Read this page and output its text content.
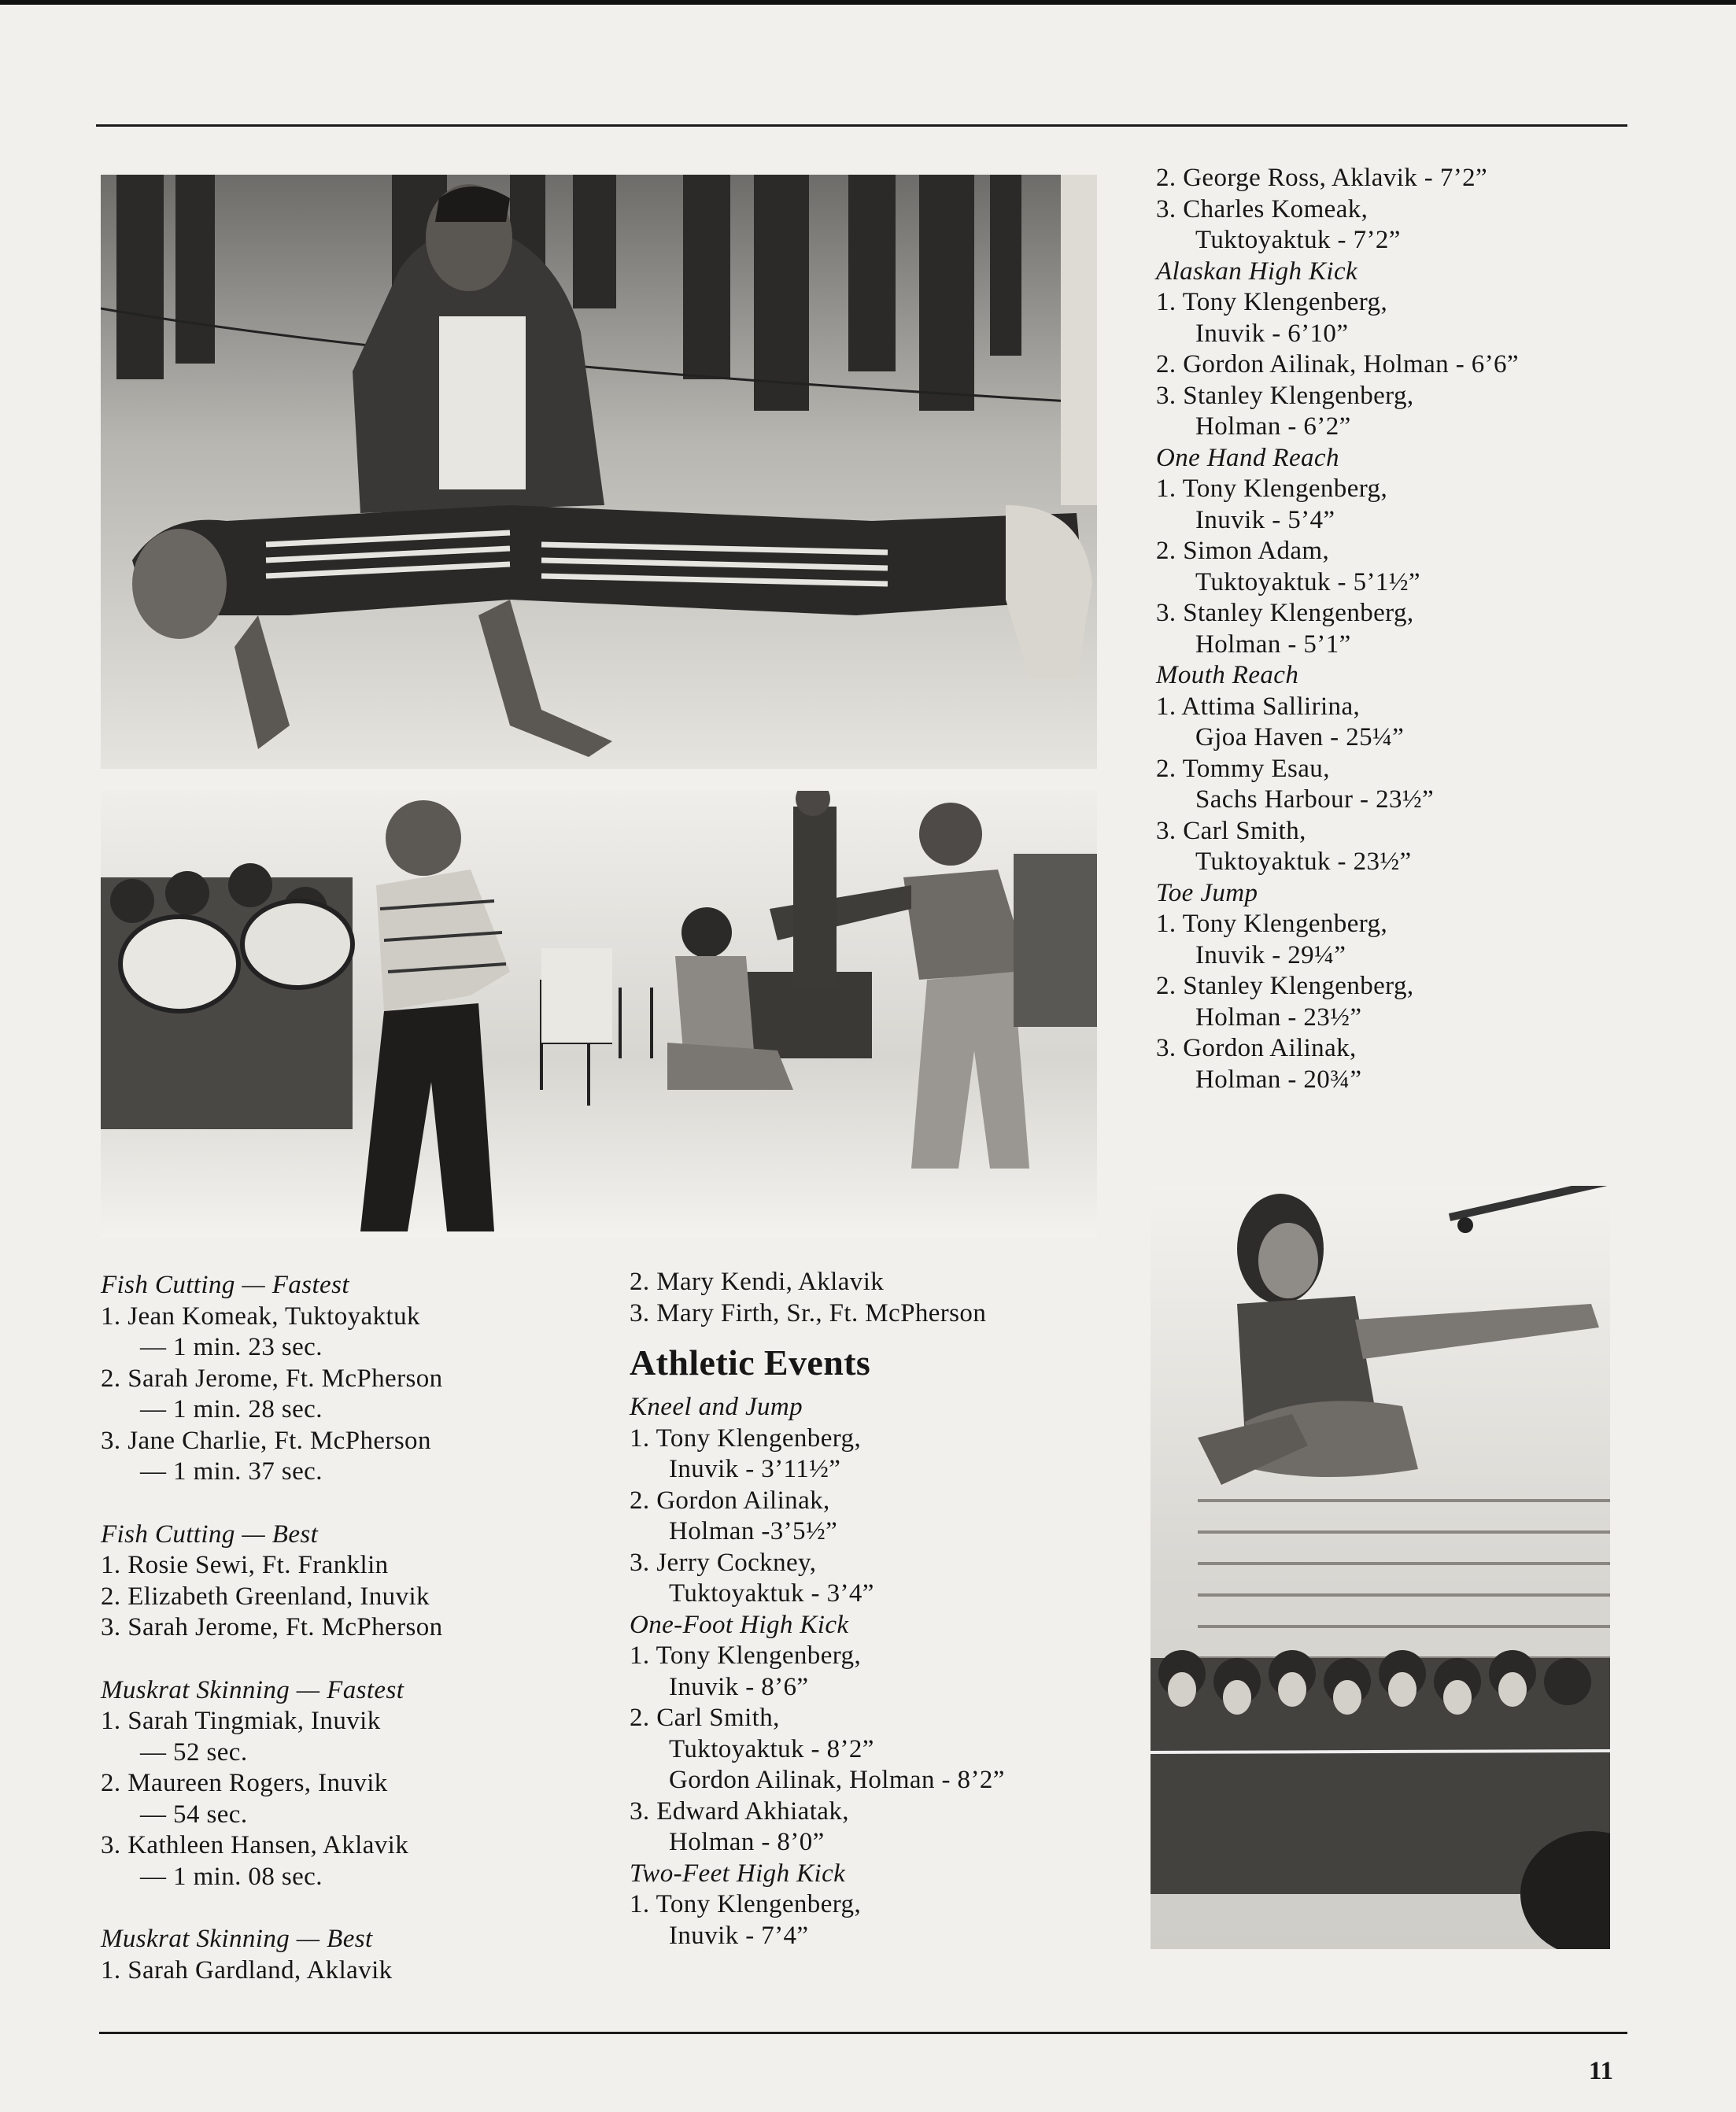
2. George Ross, Aklavik - 7’2”
3. Charles Komeak,
Tuktoyaktuk - 7’2”
Alaskan High Kick
1. Tony Klengenberg,
Inuvik - 6’10”
2. Gordon Ailinak, Holman - 6’6”
3. Stanley Klengenberg,
Holman - 6’2”
One Hand Reach
1. Tony Klengenberg,
Inuvik - 5’4”
2. Simon Adam,
Tuktoyaktuk - 5’1½”
3. Stanley Klengenberg,
Holman - 5’1”
Mouth Reach
1. Attima Sallirina,
Gjoa Haven - 25¼”
2. Tommy Esau,
Sachs Harbour - 23½”
3. Carl Smith,
Tuktoyaktuk - 23½”
Toe Jump
1. Tony Klengenberg,
Inuvik - 29¼”
2. Stanley Klengenberg,
Holman - 23½”
3. Gordon Ailinak,
Holman - 20¾”
Fish Cutting — Fastest
1. Jean Komeak, Tuktoyaktuk
— 1 min. 23 sec.
2. Sarah Jerome, Ft. McPherson
— 1 min. 28 sec.
3. Jane Charlie, Ft. McPherson
— 1 min. 37 sec.
Fish Cutting — Best
1. Rosie Sewi, Ft. Franklin
2. Elizabeth Greenland, Inuvik
3. Sarah Jerome, Ft. McPherson
Muskrat Skinning — Fastest
1. Sarah Tingmiak, Inuvik
— 52 sec.
2. Maureen Rogers, Inuvik
— 54 sec.
3. Kathleen Hansen, Aklavik
— 1 min. 08 sec.
Muskrat Skinning — Best
1. Sarah Gardland, Aklavik
2. Mary Kendi, Aklavik
3. Mary Firth, Sr., Ft. McPherson
Athletic Events
Kneel and Jump
1. Tony Klengenberg,
Inuvik - 3’11½”
2. Gordon Ailinak,
Holman -3’5½”
3. Jerry Cockney,
Tuktoyaktuk - 3’4”
One-Foot High Kick
1. Tony Klengenberg,
Inuvik - 8’6”
2. Carl Smith,
Tuktoyaktuk - 8’2”
Gordon Ailinak, Holman - 8’2”
3. Edward Akhiatak,
Holman - 8’0”
Two-Feet High Kick
1. Tony Klengenberg,
Inuvik - 7’4”
11
